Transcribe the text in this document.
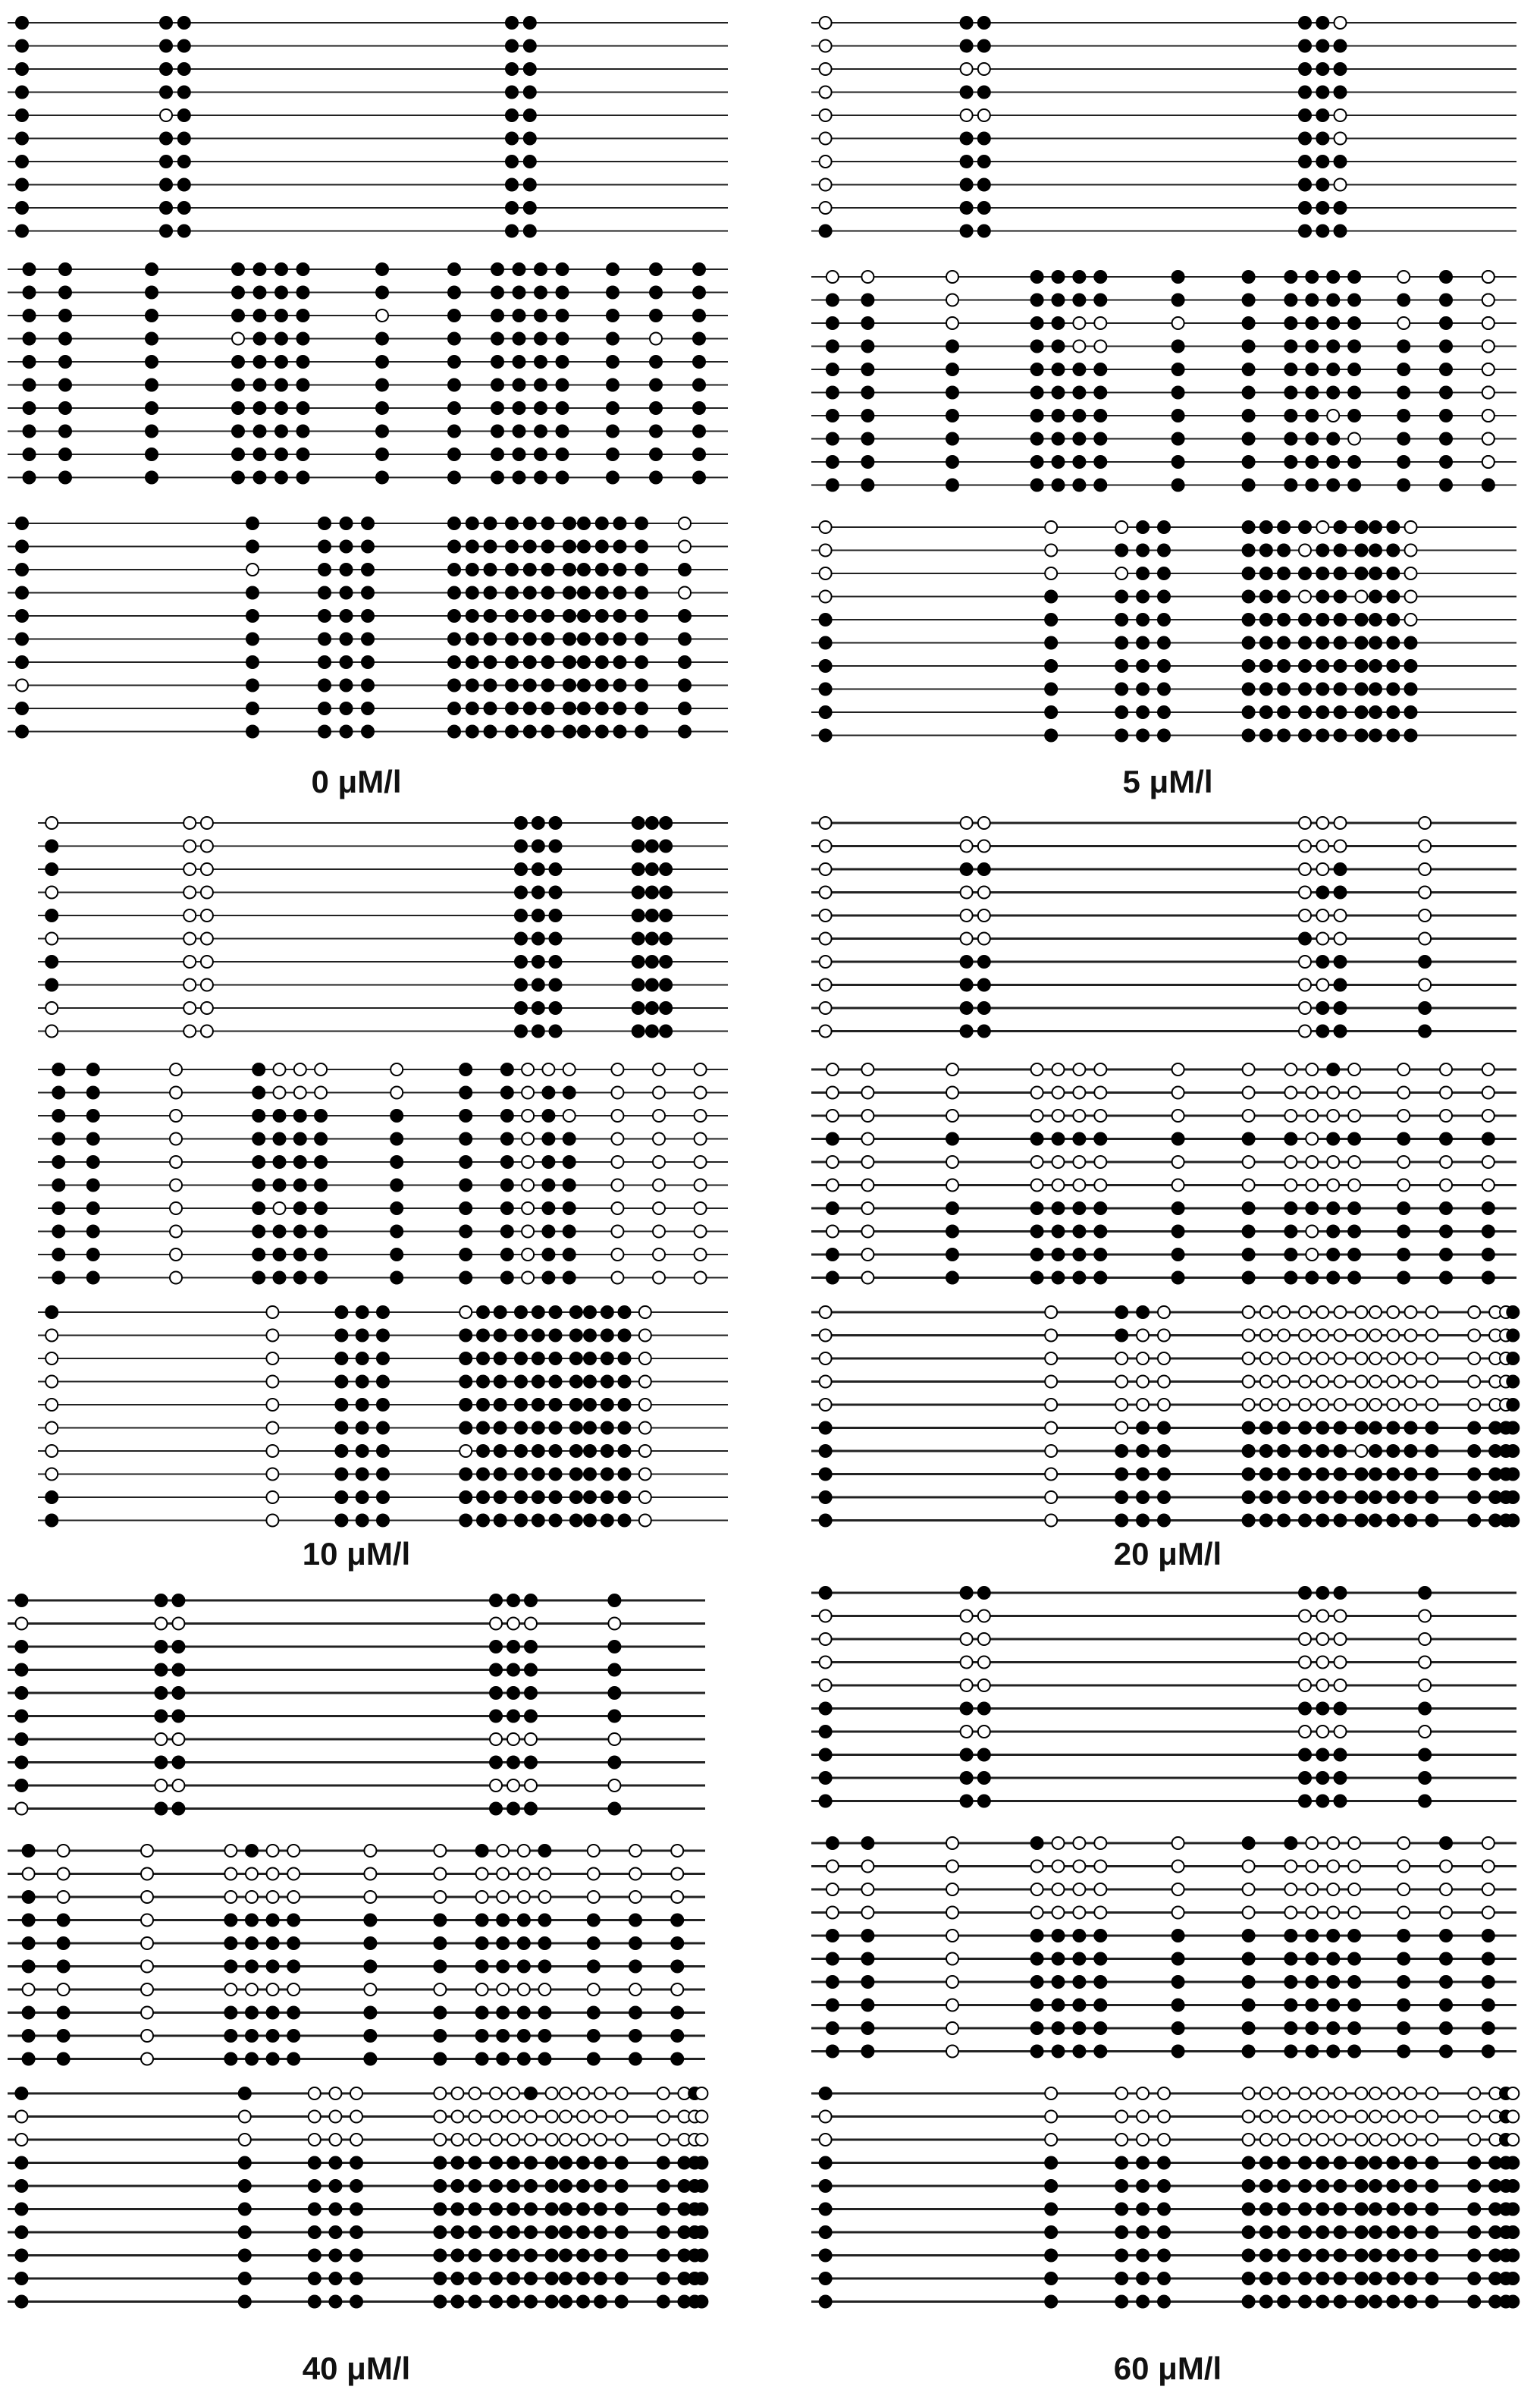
0 μM/l	5 μM/l
10 μM/l	20 μM/l
40 μM/l	60 μM/l
